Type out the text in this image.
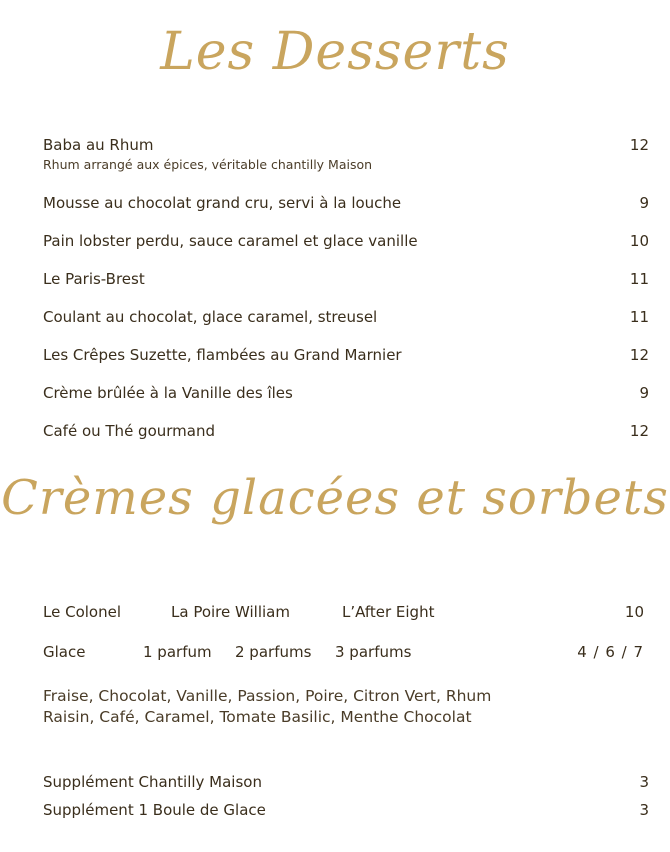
Les Desserts
Baba au Rhum	12
Rhum arrangé aux épices, véritable chantilly Maison
Mousse au chocolat grand cru, servi à la louche	9
Pain lobster perdu, sauce caramel et glace vanille	10
Le Paris-Brest	11
Coulant au chocolat, glace caramel, streusel	11
Les Crêpes Suzette, flambées au Grand Marnier	12
Crème brûlée à la Vanille des îles	9
Café ou Thé gourmand	12
Crèmes glacées et sorbets
Le Colonel	La Poire William	L’After Eight	10
Glace	1 parfum 2 parfums 3 parfums	4 / 6 / 7
Fraise, Chocolat, Vanille, Passion, Poire, Citron Vert, Rhum Raisin, Café, Caramel, Tomate Basilic, Menthe Chocolat
Supplément Chantilly Maison	3
Supplément 1 Boule de Glace	3
